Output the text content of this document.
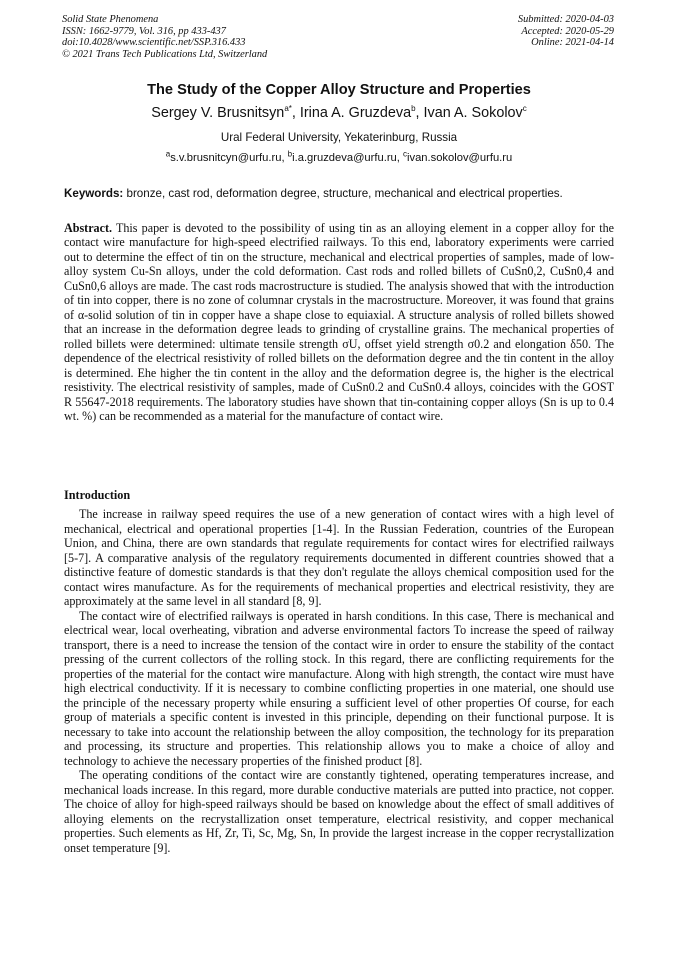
Solid State Phenomena
ISSN: 1662-9779, Vol. 316, pp 433-437
doi:10.4028/www.scientific.net/SSP.316.433
© 2021 Trans Tech Publications Ltd, Switzerland
Submitted: 2020-04-03
Accepted: 2020-05-29
Online: 2021-04-14
The Study of the Copper Alloy Structure and Properties
Sergey V. Brusnitsyn$^{a*}$, Irina A. Gruzdeva$^b$, Ivan A. Sokolov$^c$
Ural Federal University, Yekaterinburg, Russia
$^a$s.v.brusnitcyn@urfu.ru, $^b$i.a.gruzdeva@urfu.ru, $^c$ivan.sokolov@urfu.ru
Keywords: bronze, cast rod, deformation degree, structure, mechanical and electrical properties.
Abstract. This paper is devoted to the possibility of using tin as an alloying element in a copper alloy for the contact wire manufacture for high-speed electrified railways. To this end, laboratory experiments were carried out to determine the effect of tin on the structure, mechanical and electrical properties of samples, made of low-alloy system Cu-Sn alloys, under the cold deformation. Cast rods and rolled billets of CuSn0,2, CuSn0,4 and CuSn0,6 alloys are made. The cast rods macrostructure is studied. The analysis showed that with the introduction of tin into copper, there is no zone of columnar crystals in the macrostructure. Moreover, it was found that grains of α-solid solution of tin in copper have a shape close to equiaxial. A structure analysis of rolled billets showed that an increase in the deformation degree leads to grinding of crystalline grains. The mechanical properties of rolled billets were determined: ultimate tensile strength σU, offset yield strength σ0.2 and elongation δ50. The dependence of the electrical resistivity of rolled billets on the deformation degree and the tin content in the alloy is determined. Ehe higher the tin content in the alloy and the deformation degree is, the higher is the electrical resistivity. The electrical resistivity of samples, made of CuSn0.2 and CuSn0.4 alloys, coincides with the GOST R 55647-2018 requirements. The laboratory studies have shown that tin-containing copper alloys (Sn is up to 0.4 wt. %) can be recommended as a material for the manufacture of contact wire.
Introduction

The increase in railway speed requires the use of a new generation of contact wires with a high level of mechanical, electrical and operational properties [1-4]. In the Russian Federation, countries of the European Union, and China, there are own standards that regulate requirements for contact wires for electrified railways [5-7]. A comparative analysis of the regulatory requirements documented in different countries showed that a distinctive feature of domestic standards is that they don't regulate the alloys chemical composition used for the contact wires manufacture. As for the requirements of mechanical properties and electrical resistivity, they are approximately at the same level in all standard [8, 9].

The contact wire of electrified railways is operated in harsh conditions. In this case, There is mechanical and electrical wear, local overheating, vibration and adverse environmental factors To increase the speed of railway transport, there is a need to increase the tension of the contact wire in order to ensure the stability of the contact pressing of the current collectors of the rolling stock. In this regard, there are conflicting requirements for the properties of the material for the contact wire manufacture. Along with high strength, the contact wire must have high electrical conductivity. If it is necessary to combine conflicting properties in one material, one should use the principle of the necessary property while ensuring a sufficient level of other properties Of course, for each group of materials a specific content is invested in this principle, depending on their functional purpose. It is necessary to take into account the relationship between the alloy composition, the technology for its preparation and processing, its structure and properties. This relationship allows you to make a choice of alloy and technology to achieve the necessary properties of the finished product [8].

The operating conditions of the contact wire are constantly tightened, operating temperatures increase, and mechanical loads increase. In this regard, more durable conductive materials are putted into practice, not copper. The choice of alloy for high-speed railways should be based on knowledge about the effect of small additives of alloying elements on the recrystallization onset temperature, electrical resistivity, and copper mechanical properties. Such elements as Hf, Zr, Ti, Sc, Mg, Sn, In provide the largest increase in the copper recrystallization onset temperature [9].
